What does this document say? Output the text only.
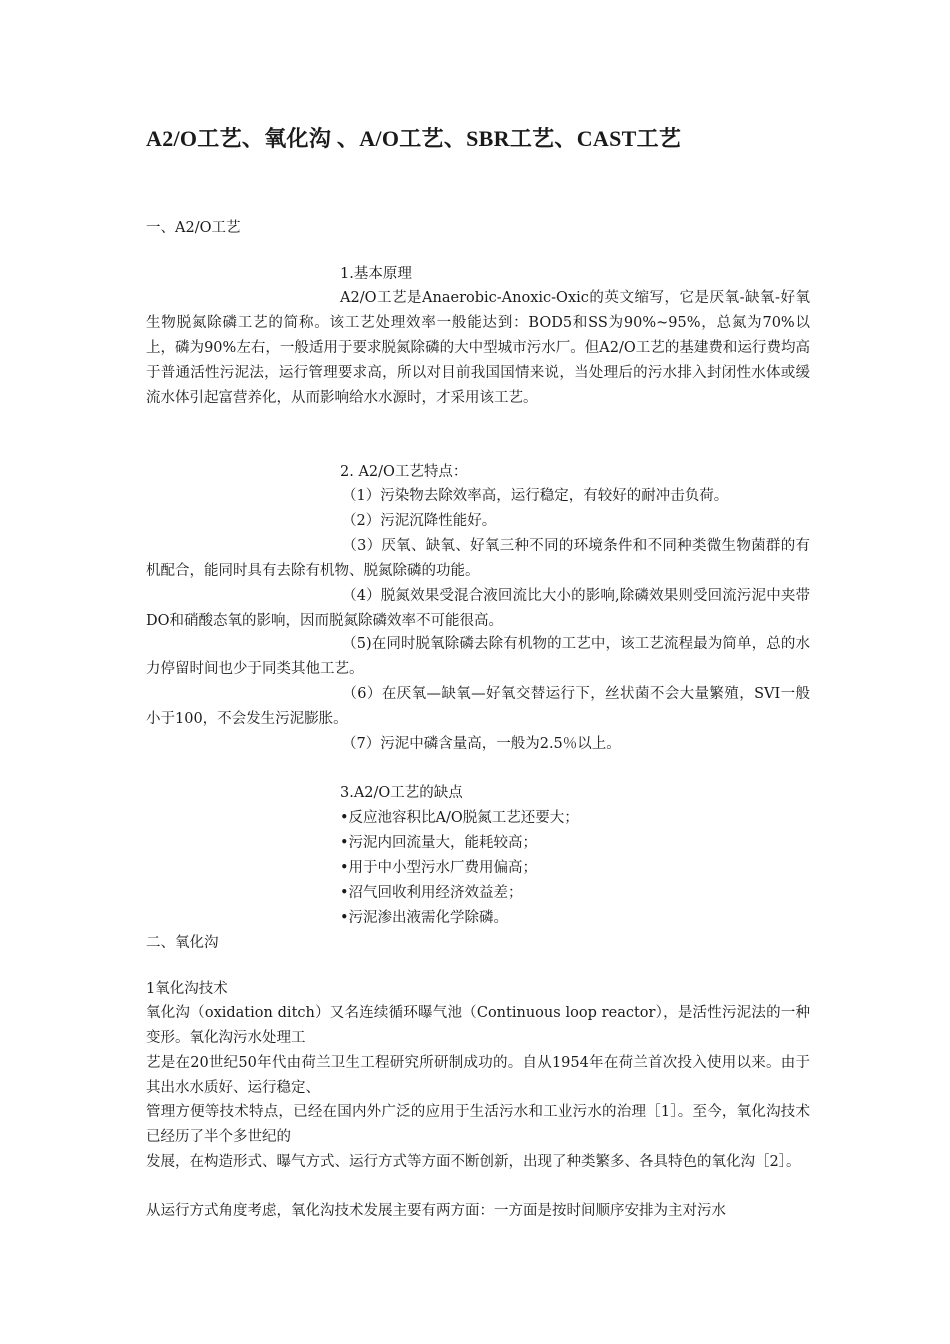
A2/O工艺、氧化沟 、A/O工艺、SBR工艺、CAST工艺
一、A2/O工艺
1.基本原理
A2/O工艺是Anaerobic-Anoxic-Oxic的英文缩写，它是厌氧-缺氧-好氧生物脱氮除磷工艺的简称。该工艺处理效率一般能达到：BOD5和SS为90%~95%，总氮为70%以上，磷为90%左右，一般适用于要求脱氮除磷的大中型城市污水厂。但A2/O工艺的基建费和运行费均高于普通活性污泥法，运行管理要求高，所以对目前我国国情来说，当处理后的污水排入封闭性水体或缓流水体引起富营养化，从而影响给水水源时，才采用该工艺。
2. A2/O工艺特点：
（1）污染物去除效率高，运行稳定，有较好的耐冲击负荷。
（2）污泥沉降性能好。
（3）厌氧、缺氧、好氧三种不同的环境条件和不同种类微生物菌群的有机配合，能同时具有去除有机物、脱氮除磷的功能。
（4）脱氮效果受混合液回流比大小的影响,除磷效果则受回流污泥中夹带DO和硝酸态氧的影响，因而脱氮除磷效率不可能很高。
（5)在同时脱氧除磷去除有机物的工艺中，该工艺流程最为简单，总的水力停留时间也少于同类其他工艺。
（6）在厌氧—缺氧—好氧交替运行下，丝状菌不会大量繁殖，SVI一般小于100，不会发生污泥膨胀。
（7）污泥中磷含量高，一般为2.5％以上。
3.A2/O工艺的缺点
•反应池容积比A/O脱氮工艺还要大；
•污泥内回流量大，能耗较高；
•用于中小型污水厂费用偏高；
•沼气回收利用经济效益差；
•污泥渗出液需化学除磷。
二、氧化沟
1氧化沟技术
氧化沟（oxidation ditch）又名连续循环曝气池（Continuous loop reactor），是活性污泥法的一种变形。氧化沟污水处理工
艺是在20世纪50年代由荷兰卫生工程研究所研制成功的。自从1954年在荷兰首次投入使用以来。由于其出水水质好、运行稳定、
管理方便等技术特点，已经在国内外广泛的应用于生活污水和工业污水的治理［1］。至今，氧化沟技术已经历了半个多世纪的
发展，在构造形式、曝气方式、运行方式等方面不断创新，出现了种类繁多、各具特色的氧化沟［2］。
从运行方式角度考虑，氧化沟技术发展主要有两方面：一方面是按时间顺序安排为主对污水
